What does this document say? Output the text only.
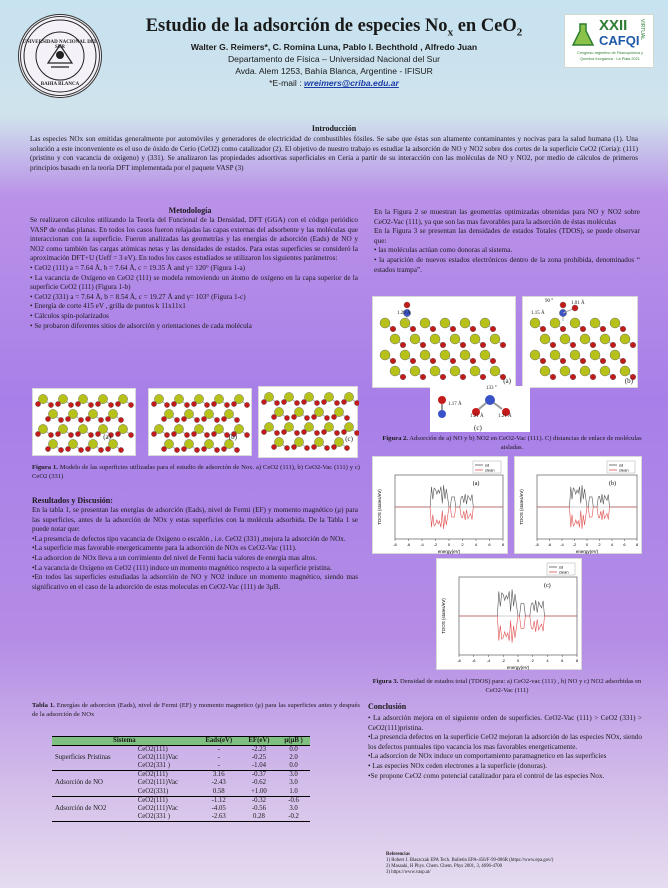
UNIVERSIDAD NACIONAL DEL SUR
BAHIA BLANCA
Estudio de la adsorción de especies $No_x$ en CeO$_2$
Walter G. Reimers*, C. Romina Luna, Pablo I. Bechthold , Alfredo Juan
Departamento de Física – Universidad Nacional del Sur
Avda. Alem 1253, Bahía Blanca, Argentine - IFISUR
*E-mail : wreimers@criba.edu.ar
XXII
CAFQI
VIRTUAL
Congreso argentino de Fisicoquímica y
Química Inorgánica · La Plata 2021
Introducción
Las especies NOx son emitidas generalmente por automóviles y generadores de electricidad de combustibles fósiles. Se sabe que éstas son altamente contaminantes y nocivas para la salud humana (1). Una solución a este inconveniente es el uso de óxido de Cerio (CeO2) como catalizador (2). El objetivo de nuestro trabajo es estudiar la adsorción de NO y NO2 sobre dos cortes de la superficie CeO2 (Ceria): (111) (pristino y con vacancia de oxígeno) y (331). Se analizaron las propiedades adsortivas superficiales en Ceria a partir de su interacción con las moléculas de NO y NO2, por medio de cálculos de primeros principios basado en la teoría DFT implementada por el paquete VASP (3)
Metodología

Se realizaron cálculos utilizando la Teoría del Funcional de la Densidad, DFT (GGA) con el código periódico VASP de ondas planas. En todos los casos fueron relajadas las capas externas del adsorbente y las moléculas que interaccionan con la superficie. Fueron analizadas las geometrías y las energías de adsorción (Eads) de NO y NO2 como también las cargas atómicas netas y las densidades de estados. Para estas superficies se consideró la aproximación DFT+U (Ueff = 3 eV). En todos los casos estudiados se utilizaron los siguientes parámetros:

• CeO2 (111) a = 7.64 Å, b = 7.64 Å, c = 19.35 Å and γ= 120° (Figura 1-a)

• La vacancia de Oxígeno en CeO2 (111) se modela removiendo un átomo de oxígeno en la capa superior de la superficie CeO2 (111) (Figura 1-b)

• CeO2 (331) a = 7.64 Å, b = 8.54 Å, c = 19.27 Å and γ= 103° (Figura 1-c)

• Energía de corte 415 eV , grilla de puntos k 11x11x1

• Cálculos spin-polarizados

• Se probaron diferentes sitios de adsorción y orientaciones de cada molécula

(a)	(b)	(c)
Figura 1. Modelo de las superficies utilizadas para el estudio de adsorción de Nox. a) CeO2 (111), b) CeO2-Vac (111) y c) CeO2 (331)
Resultados y Discusión:

En la tabla 1, se presentan las energías de adsorción (Eads), nivel de Fermi (EF) y momento magnético (μ) para las superficies, antes de la adsorción de NOx y estas superficies con la molécula adsorbida. De la Tabla 1 se puede notar que:

•La presencia de defectos tipo vacancia de Oxígeno o escalón , i.e. CeO2 (331) ,mejora la adsorción de NOx.

•La superficie mas favorable energeticamente para la adsorción de NOx es CeO2-Vac (111).

•La adsorcion de NOx lleva a un corrimiento del nivel de Fermi hacia valores de energía mas altos.

•La vacancia de Oxígeno en CeO2 (111) induce un momento magnético respecto a la superficie pristina.

•En todos las superficies estudiadas la adsorción de NO y NO2 induce un momento magnético, siendo mas significativo en el caso de la adsorción de estas moleculas en CeO2-Vac (111) de 3μB.

Tabla 1. Energías de adsorcion (Eads), nivel de Fermi (EF) y momento magnetico (μ) para las superficies antes y después de la adsorción de NOx
Sistema		Eads(eV)	EF(eV)	μ(μB )
Superficies Pristinas	CeO2(111)	-	-2.23	0.0
	CeO2(111)Vac	-	-0.25	2.0
	CeO2(331 )	-	-1.04	0.0
Adsorción de NO	CeO2(111)	3.16	-0.37	3.0
	CeO2(111)Vac	-2.43	-0.62	3.0
	CeO2(331)	0.58	+1.00	1.0
Adsorción de NO2	CeO2(111)	-1.12	-0.32	-0.6
	CeO2(111)Vac	-4.05	-0.56	3.0
	CeO2(331 )	-2.63	0.28	-0.2

En la Figura 2 se muestran las geometrías optimizadas obtenidas para NO y NO2 sobre CeO2-Vac (111), ya que son las mas favorables para la adsorción de éstas moléculas

En la Figura 3 se presentan las densidades de estados Totales (TDOS), se puede observar que:

• las moléculas actúan como donoras al sistema.

• la aparición de nuevos estados electrónicos dentro de la zona prohibida, denominados “ estados trampa”.

1.29 Å
(a)
90 °	1.01 Å
1.15 Å
(b)
133 °
1.17 Å
1.21 Å	1.21 Å
(c)
Figura 2. Adsorción de a) NO y b) NO2 en CeO2-Vac (111). C) distancias de enlace de moléculas aisladas.
-8 -6 -4 -2	0	2	4	6	8
energy(eV)
TDOS (states/eV)
sd
clean
(a)
-8 -6 -4 -2 0	2	4	6	8
energy(eV)
TDOS (states/eV)
sd
clean
(b)
-8	-6	-4	-2	0	2	4	6	8
energy(eV)
TDOS (states/eV)
sd
clean
(c)
Figura 3. Densidad de estados total (TDOS) para: a) CeO2-vac (111) , b) NO y c) NO2 adsorbidas en CeO2-Vac (111)
Conclusión

• La adsorción mejora en el siguiente orden de superficies. CeO2-Vac (111) > CeO2 (331) > CeO2(111)pristina.

•La presencia defectos en la superficie CeO2 mejoran la adsorción de las especies NOx, siendo los defectos puntuales tipo vacancia los mas favorables energeticamente.

•La adsorcion de NOx induce un comportamiento paramagnetico en las superficies

• Las especies NOx ceden electrones a la superficie (donoras).

•Se propone CeO2 como potencial catalizador para el control de las especies Nox.

Referencias
1) Robert J. Blaszczak EPA Tech. Bulletin EPA-456/F-99-006R (https://www.epa.gov/)
2) Masaaki, H Phys. Chem. Chem. Phys 2001, 3, 4696-4700
3) https://www.vasp.at/
